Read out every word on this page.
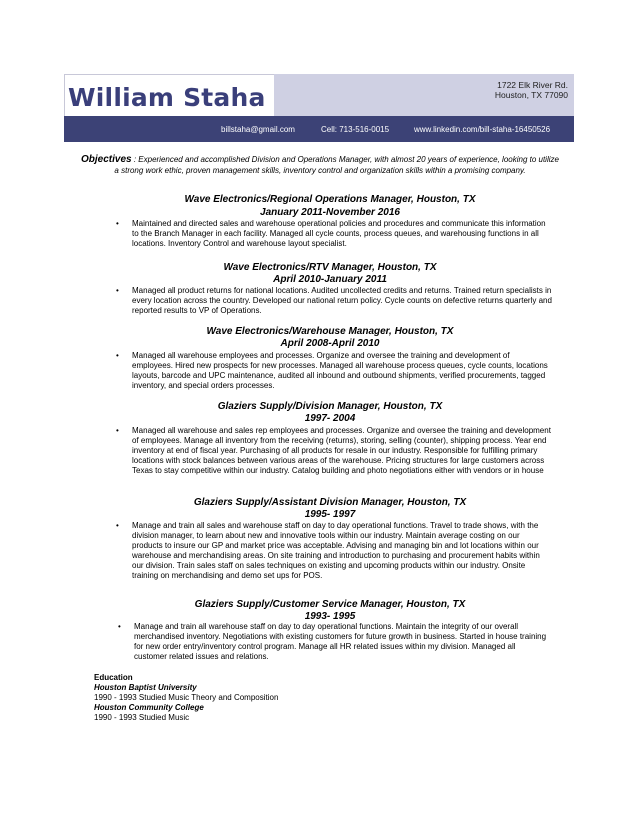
William Staha	1722 Elk River Rd.
Houston, TX 77090
billstaha@gmail.com	Cell: 713-516-0015	www.linkedin.com/bill-staha-16450526
Objectives : Experienced and accomplished Division and Operations Manager, with almost 20 years of experience, looking to utilize a strong work ethic, proven management skills, inventory control and organization skills within a promising company.
Wave Electronics/Regional Operations Manager, Houston, TX
January 2011-November 2016
• Maintained and directed sales and warehouse operational policies and procedures and communicate this information to the Branch Manager in each facility. Managed all cycle counts, process queues, and warehousing functions in all locations. Inventory Control and warehouse layout specialist.
Wave Electronics/RTV Manager, Houston, TX
April 2010-January 2011
• Managed all product returns for national locations. Audited uncollected credits and returns. Trained return specialists in every location across the country. Developed our national return policy. Cycle counts on defective returns quarterly and reported results to VP of Operations.
Wave Electronics/Warehouse Manager, Houston, TX
April 2008-April 2010
• Managed all warehouse employees and processes. Organize and oversee the training and development of employees. Hired new prospects for new processes. Managed all warehouse process queues, cycle counts, locations layouts, barcode and UPC maintenance, audited all inbound and outbound shipments, verified procurements, tagged inventory, and special orders processes.
Glaziers Supply/Division Manager, Houston, TX
1997- 2004
• Managed all warehouse and sales rep employees and processes. Organize and oversee the training and development of employees. Manage all inventory from the receiving (returns), storing, selling (counter), shipping process. Year end inventory at end of fiscal year. Purchasing of all products for resale in our industry. Responsible for fulfilling primary locations with stock balances between various areas of the warehouse. Pricing structures for large customers across Texas to stay competitive within our industry. Catalog building and photo negotiations either with vendors or in house
Glaziers Supply/Assistant Division Manager, Houston, TX
1995- 1997
• Manage and train all sales and warehouse staff on day to day operational functions. Travel to trade shows, with the division manager, to learn about new and innovative tools within our industry. Maintain average costing on our products to insure our GP and market price was acceptable. Advising and managing bin and lot locations within our warehouse and merchandising areas. On site training and introduction to purchasing and procurement habits within our division. Train sales staff on sales techniques on existing and upcoming products within our industry. Onsite training on merchandising and demo set ups for POS.
Glaziers Supply/Customer Service Manager, Houston, TX
1993- 1995
• Manage and train all warehouse staff on day to day operational functions. Maintain the integrity of our overall merchandised inventory. Negotiations with existing customers for future growth in business. Started in house training for new order entry/inventory control program. Manage all HR related issues within my division. Managed all customer related issues and relations.
Education
Houston Baptist University
1990 - 1993 Studied Music Theory and Composition
Houston Community College
1990 - 1993 Studied Music
